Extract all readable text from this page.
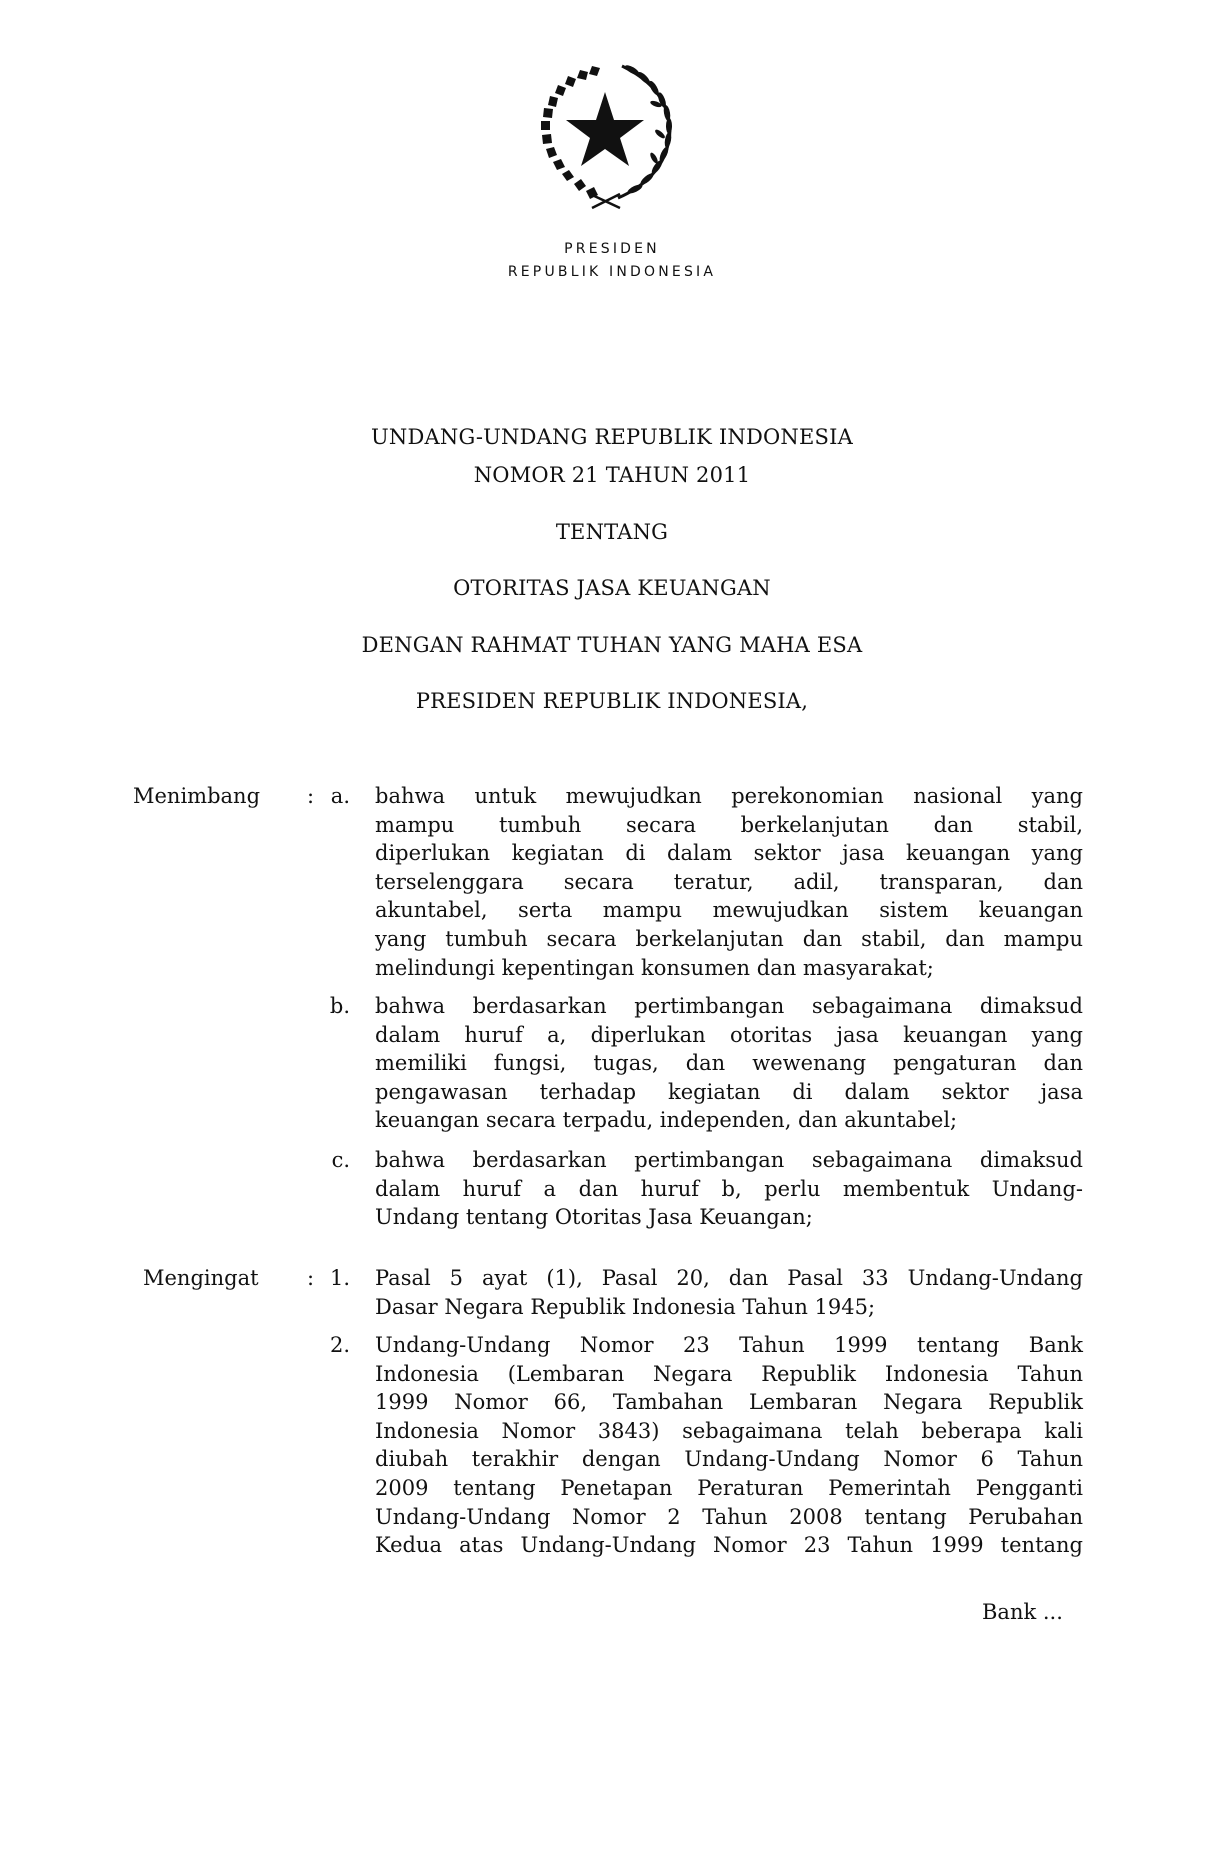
PRESIDEN
REPUBLIK INDONESIA
UNDANG-UNDANG REPUBLIK INDONESIA
NOMOR 21 TAHUN 2011
TENTANG
OTORITAS JASA KEUANGAN
DENGAN RAHMAT TUHAN YANG MAHA ESA
PRESIDEN REPUBLIK INDONESIA,
Menimbang : a. bahwa untuk mewujudkan perekonomian nasional yang
mampu tumbuh secara berkelanjutan dan stabil,
diperlukan kegiatan di dalam sektor jasa keuangan yang
terselenggara secara teratur, adil, transparan, dan
akuntabel, serta mampu mewujudkan sistem keuangan
yang tumbuh secara berkelanjutan dan stabil, dan mampu
melindungi kepentingan konsumen dan masyarakat;
b. bahwa berdasarkan pertimbangan sebagaimana dimaksud
dalam huruf a, diperlukan otoritas jasa keuangan yang
memiliki fungsi, tugas, dan wewenang pengaturan dan
pengawasan terhadap kegiatan di dalam sektor jasa
keuangan secara terpadu, independen, dan akuntabel;
c. bahwa berdasarkan pertimbangan sebagaimana dimaksud
dalam huruf a dan huruf b, perlu membentuk Undang-
Undang tentang Otoritas Jasa Keuangan;
Mengingat : 1. Pasal 5 ayat (1), Pasal 20, dan Pasal 33 Undang-Undang
Dasar Negara Republik Indonesia Tahun 1945;
2. Undang-Undang Nomor 23 Tahun 1999 tentang Bank
Indonesia (Lembaran Negara Republik Indonesia Tahun
1999 Nomor 66, Tambahan Lembaran Negara Republik
Indonesia Nomor 3843) sebagaimana telah beberapa kali
diubah terakhir dengan Undang-Undang Nomor 6 Tahun
2009 tentang Penetapan Peraturan Pemerintah Pengganti
Undang-Undang Nomor 2 Tahun 2008 tentang Perubahan
Kedua atas Undang-Undang Nomor 23 Tahun 1999 tentang
Bank ...
